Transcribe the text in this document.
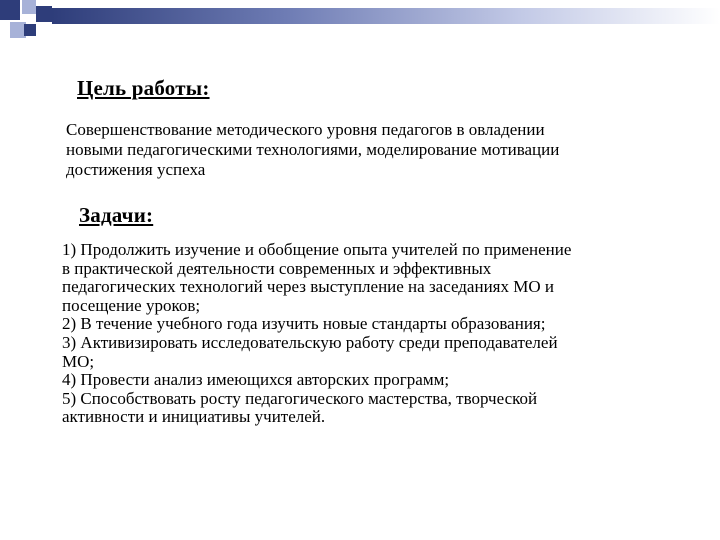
Цель работы:
Совершенствование методического уровня педагогов в овладении
новыми педагогическими технологиями, моделирование мотивации
достижения успеха
Задачи:
1) Продолжить изучение и обобщение опыта учителей по применение
в практической деятельности современных и эффективных
педагогических технологий через выступление на заседаниях МО и
посещение уроков;
2) В течение учебного года изучить новые стандарты образования;
3) Активизировать исследовательскую работу среди преподавателей
МО;
4) Провести анализ имеющихся авторских программ;
5) Способствовать росту педагогического мастерства, творческой
активности и инициативы учителей.
